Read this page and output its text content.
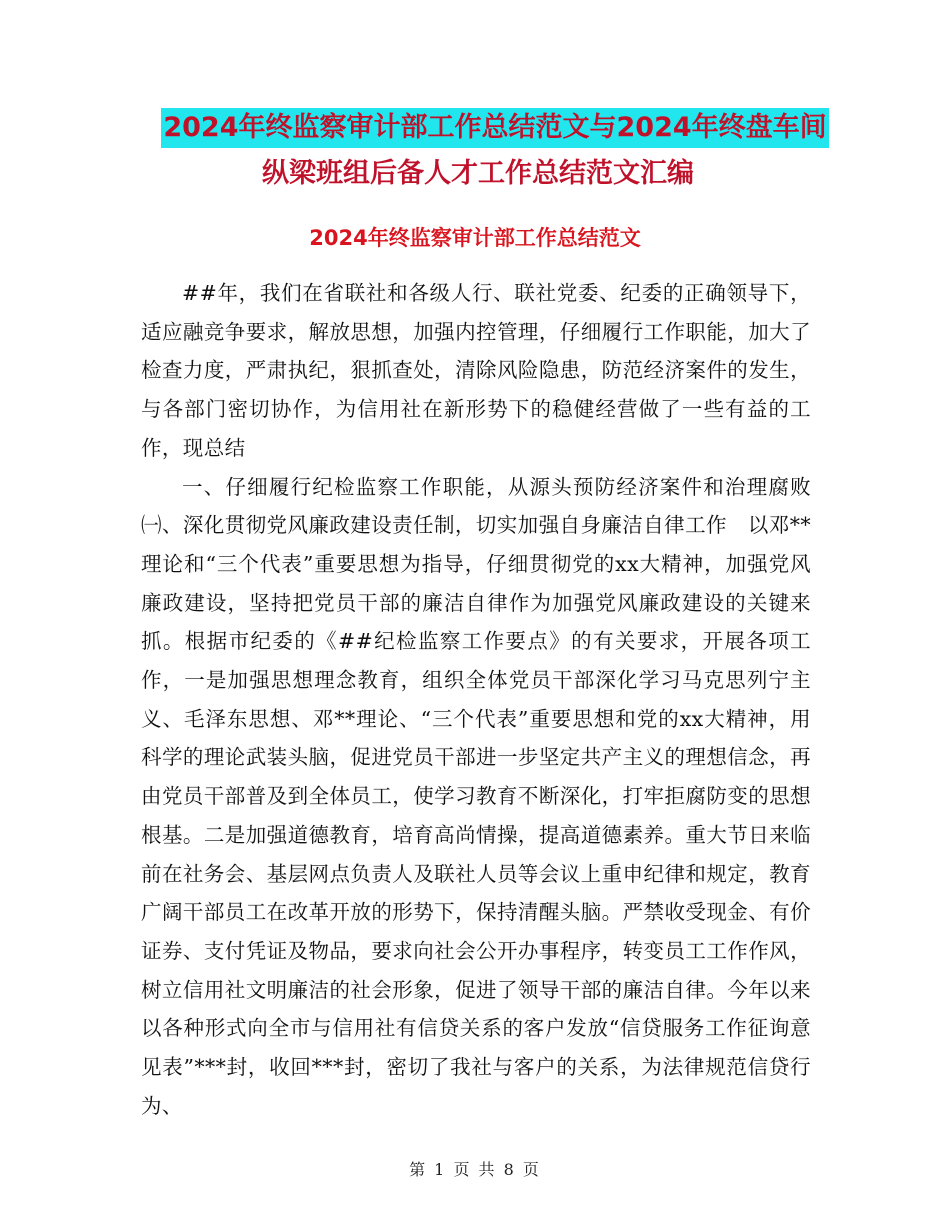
2024年终监察审计部工作总结范文与2024年终盘车间
纵梁班组后备人才工作总结范文汇编
2024年终监察审计部工作总结范文

##年，我们在省联社和各级人行、联社党委、纪委的正确领导下，适应融竞争要求，解放思想，加强内控管理，仔细履行工作职能，加大了检查力度，严肃执纪，狠抓查处，清除风险隐患，防范经济案件的发生，与各部门密切协作，为信用社在新形势下的稳健经营做了一些有益的工作，现总结

一、仔细履行纪检监察工作职能，从源头预防经济案件和治理腐败　　㈠、深化贯彻党风廉政建设责任制，切实加强自身廉洁自律工作　以邓**理论和“三个代表”重要思想为指导，仔细贯彻党的xx大精神，加强党风廉政建设，坚持把党员干部的廉洁自律作为加强党风廉政建设的关键来抓。根据市纪委的《##纪检监察工作要点》的有关要求，开展各项工作，一是加强思想理念教育，组织全体党员干部深化学习马克思列宁主义、毛泽东思想、邓**理论、“三个代表”重要思想和党的xx大精神，用科学的理论武装头脑，促进党员干部进一步坚定共产主义的理想信念，再由党员干部普及到全体员工，使学习教育不断深化，打牢拒腐防变的思想根基。二是加强道德教育，培育高尚情操，提高道德素养。重大节日来临前在社务会、基层网点负责人及联社人员等会议上重申纪律和规定，教育广阔干部员工在改革开放的形势下，保持清醒头脑。严禁收受现金、有价证券、支付凭证及物品，要求向社会公开办事程序，转变员工工作作风，树立信用社文明廉洁的社会形象，促进了领导干部的廉洁自律。今年以来以各种形式向全市与信用社有信贷关系的客户发放“信贷服务工作征询意见表”***封，收回***封，密切了我社与客户的关系，为法律规范信贷行为、

第 1 页 共 8 页
